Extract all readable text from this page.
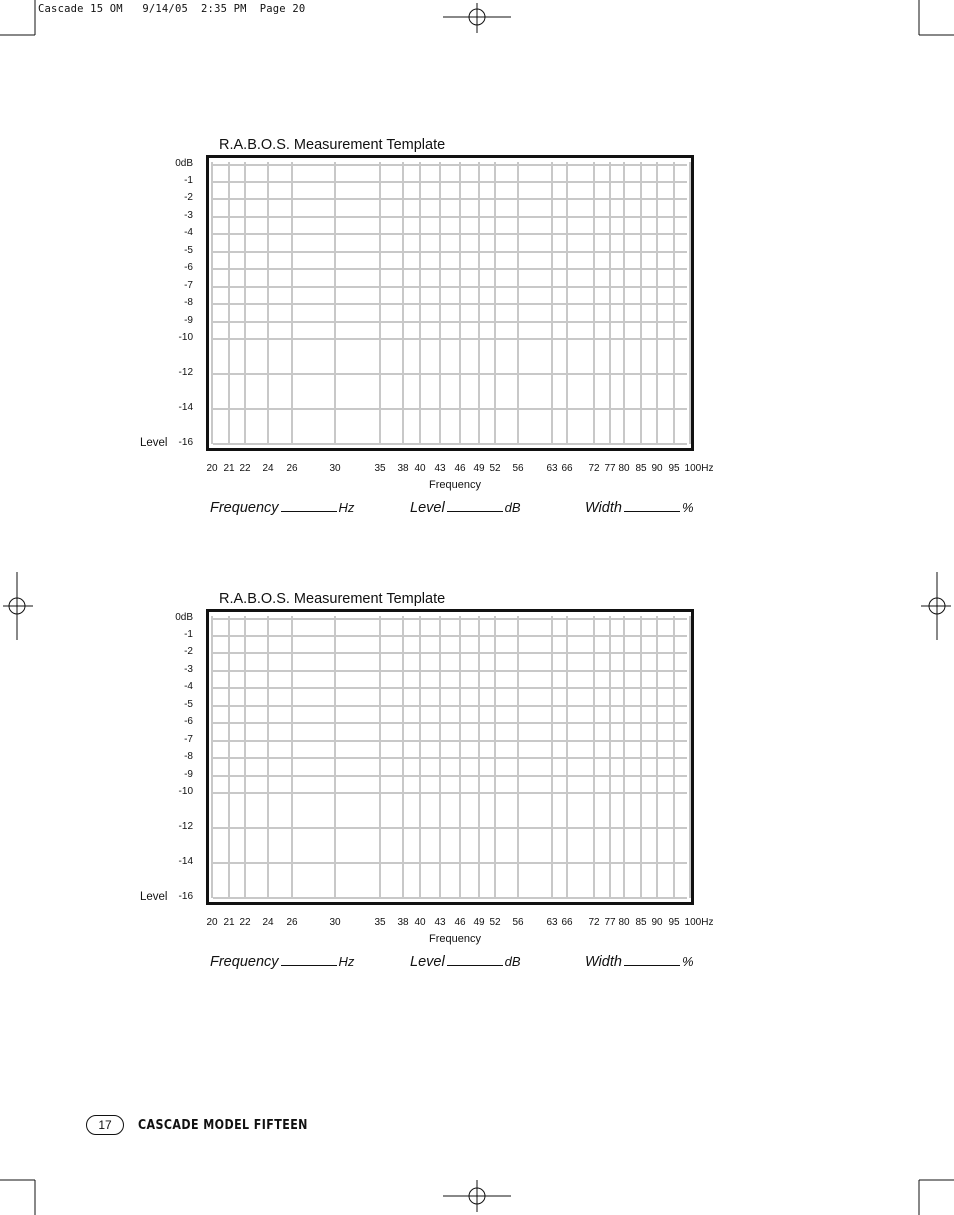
Cascade 15 OM   9/14/05  2:35 PM  Page 20
R.A.B.O.S. Measurement Template
0dB
-1
-2
-3
-4
-5
-6
-7
-8
-9
-10
-12
-14
-16
Level
20 21 22 24 26	30	35 38 40 43 46 49 52 56 63 66 72 77 80 85 90 95 100Hz
Frequency
Frequency	Hz	Level	dB	Width	%
R.A.B.O.S. Measurement Template
0dB
-1
-2
-3
-4
-5
-6
-7
-8
-9
-10
-12
-14
-16
Level
20 21 22 24 26	30	35 38 40 43 46 49 52 56 63 66 72 77 80 85 90 95 100Hz
Frequency
Frequency	Hz	Level	dB	Width	%
17	CASCADE MODEL FIFTEEN
